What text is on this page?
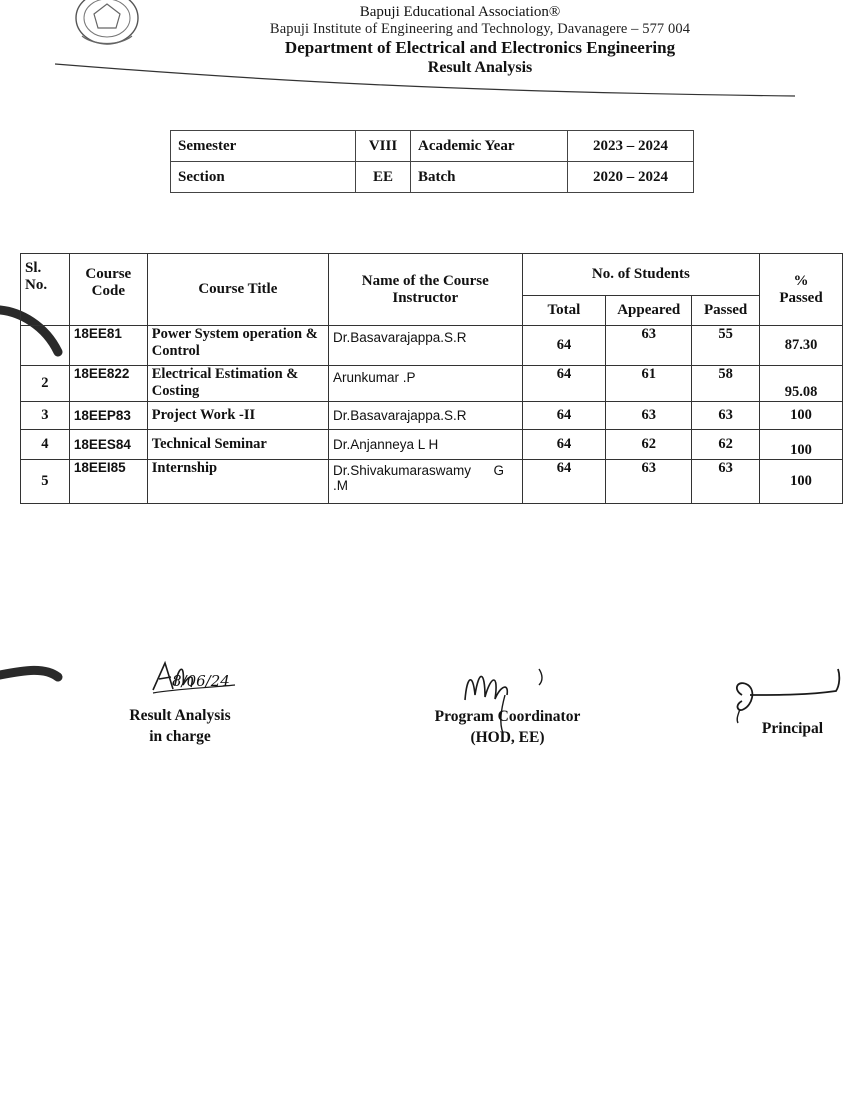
Bapuji Educational Association®
Bapuji Institute of Engineering and Technology, Davanagere – 577 004
Department of Electrical and Electronics Engineering
Result Analysis
Semester	VIII	Academic Year	2023 – 2024
Section	EE	Batch	2020 – 2024
Sl. No.	Course Code	Course Title	Name of the Course Instructor	No. of Students			% Passed
				Total	Appeared	Passed	
	18EE81	Power System operation & Control	Dr.Basavarajappa.S.R	64	63	55	87.30
2	18EE822	Electrical Estimation & Costing	Arunkumar .P	64	61	58	95.08
3	18EEP83	Project Work -II	Dr.Basavarajappa.S.R	64	63	63	100
4	18EES84	Technical Seminar	Dr.Anjanneya L H	64	62	62	100
5	18EEI85	Internship	Dr.Shivakumaraswamy      G .M	64	63	63	100
8/06/24
Result Analysis
in charge
Program Coordinator
(HOD, EE)
Principal
